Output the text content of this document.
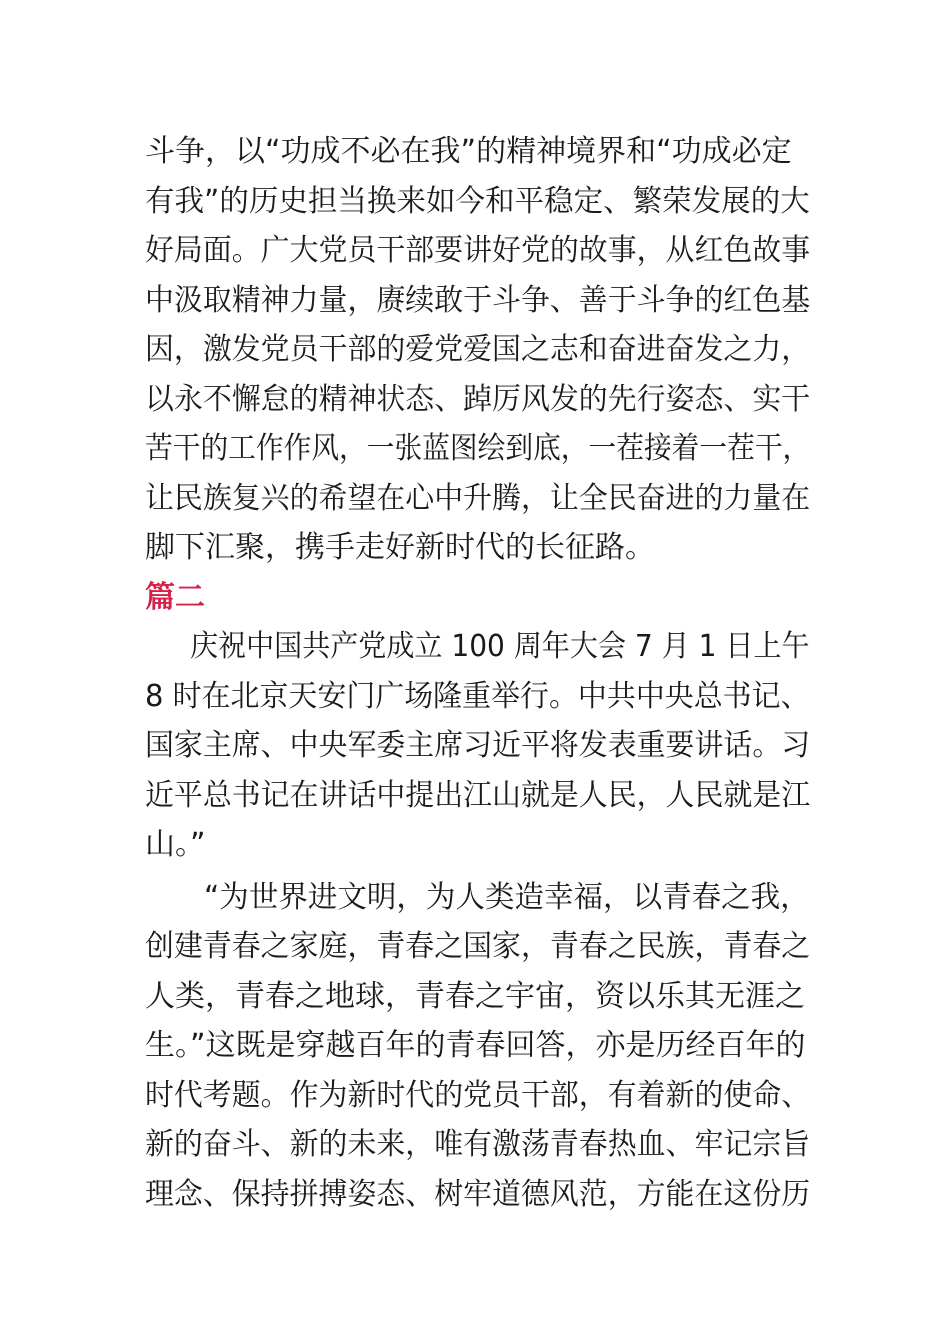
斗争，以“功成不必在我”的精神境界和“功成必定
有我”的历史担当换来如今和平稳定、繁荣发展的大
好局面。广大党员干部要讲好党的故事，从红色故事
中汲取精神力量，赓续敢于斗争、善于斗争的红色基
因，激发党员干部的爱党爱国之志和奋进奋发之力，
以永不懈怠的精神状态、踔厉风发的先行姿态、实干
苦干的工作作风，一张蓝图绘到底，一茬接着一茬干，
让民族复兴的希望在心中升腾，让全民奋进的力量在
脚下汇聚，携手走好新时代的长征路。
篇二
庆祝中国共产党成立 100 周年大会 7 月 1 日上午
8 时在北京天安门广场隆重举行。中共中央总书记、
国家主席、中央军委主席习近平将发表重要讲话。习
近平总书记在讲话中提出江山就是人民，人民就是江
山。”
“为世界进文明，为人类造幸福，以青春之我，
创建青春之家庭，青春之国家，青春之民族，青春之
人类，青春之地球，青春之宇宙，资以乐其无涯之
生。”这既是穿越百年的青春回答，亦是历经百年的
时代考题。作为新时代的党员干部，有着新的使命、
新的奋斗、新的未来，唯有激荡青春热血、牢记宗旨
理念、保持拼搏姿态、树牢道德风范，方能在这份历
